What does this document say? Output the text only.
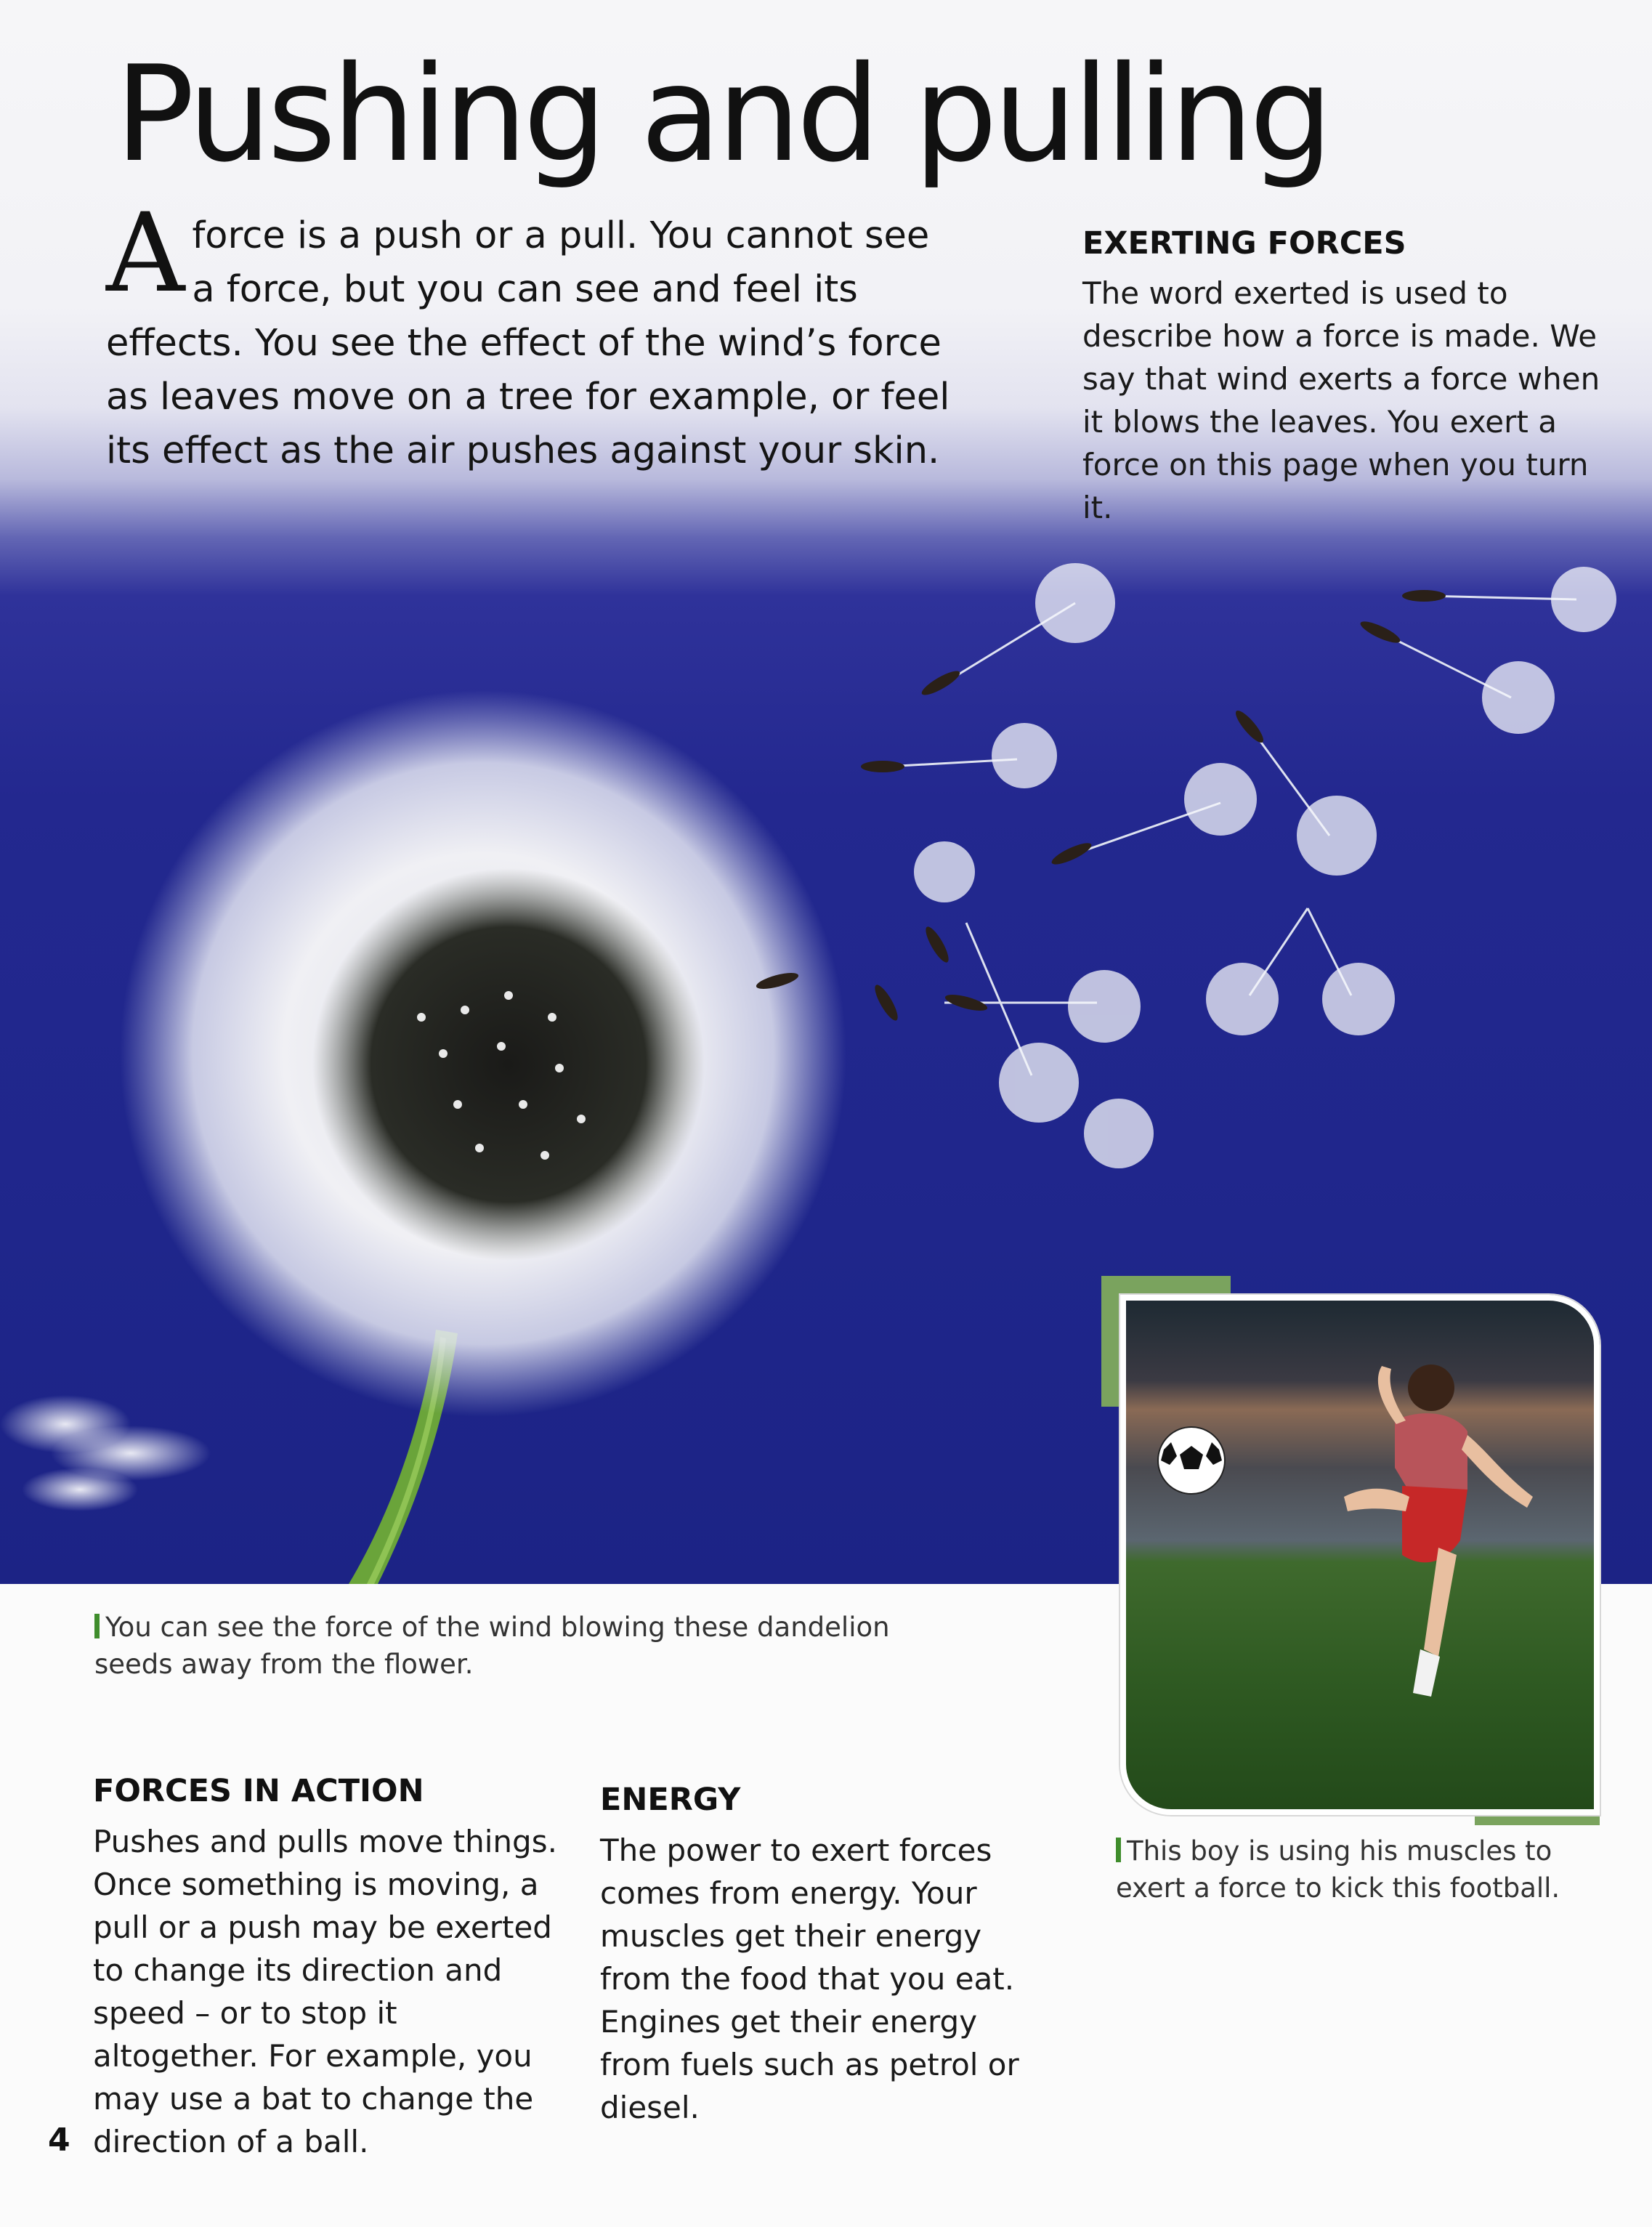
Pushing and pulling

Aforce is a push or a pull. You cannot see a force, but you can see and feel its effects. You see the effect of the wind’s force as leaves move on a tree for example, or feel its effect as the air pushes against your skin.

EXERTING FORCES

The word exerted is used to describe how a force is made. We say that wind exerts a force when it blows the leaves. You exert a force on this page when you turn it.

You can see the force of the wind blowing these dandelion seeds away from the flower.

This boy is using his muscles to exert a force to kick this football.

FORCES IN ACTION

Pushes and pulls move things. Once something is moving, a pull or a push may be exerted to change its direction and speed – or to stop it altogether. For example, you may use a bat to change the direction of a ball.

ENERGY

The power to exert forces comes from energy. Your muscles get their energy from the food that you eat. Engines get their energy from fuels such as petrol or diesel.

4
